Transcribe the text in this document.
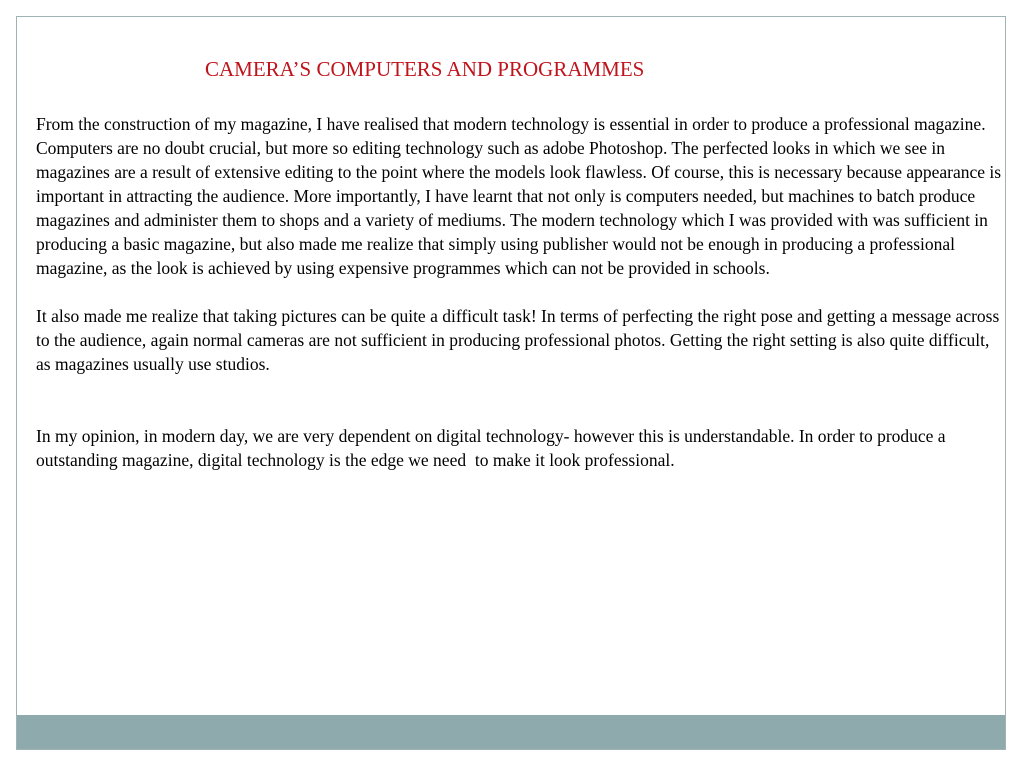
CAMERA’S COMPUTERS AND PROGRAMMES

From the construction of my magazine, I have realised that modern technology is essential in order to produce a professional magazine. Computers are no doubt crucial, but more so editing technology such as adobe Photoshop. The perfected looks in which we see in magazines are a result of extensive editing to the point where the models look flawless. Of course, this is necessary because appearance is important in attracting the audience. More importantly, I have learnt that not only is computers needed, but machines to batch produce magazines and administer them to shops and a variety of mediums. The modern technology which I was provided with was sufficient in  producing a basic magazine, but also made me realize that simply using publisher would not be enough in producing a professional magazine, as the look is achieved by using expensive programmes which can not be provided in schools.

It also made me realize that taking pictures can be quite a difficult task! In terms of perfecting the right pose and getting a message across to the audience, again normal cameras are not sufficient in producing professional photos. Getting the right setting is also quite difficult, as magazines usually use studios.

In my opinion, in modern day, we are very dependent on digital technology- however this is understandable. In order to produce a  outstanding magazine, digital technology is the edge we need  to make it look professional.
